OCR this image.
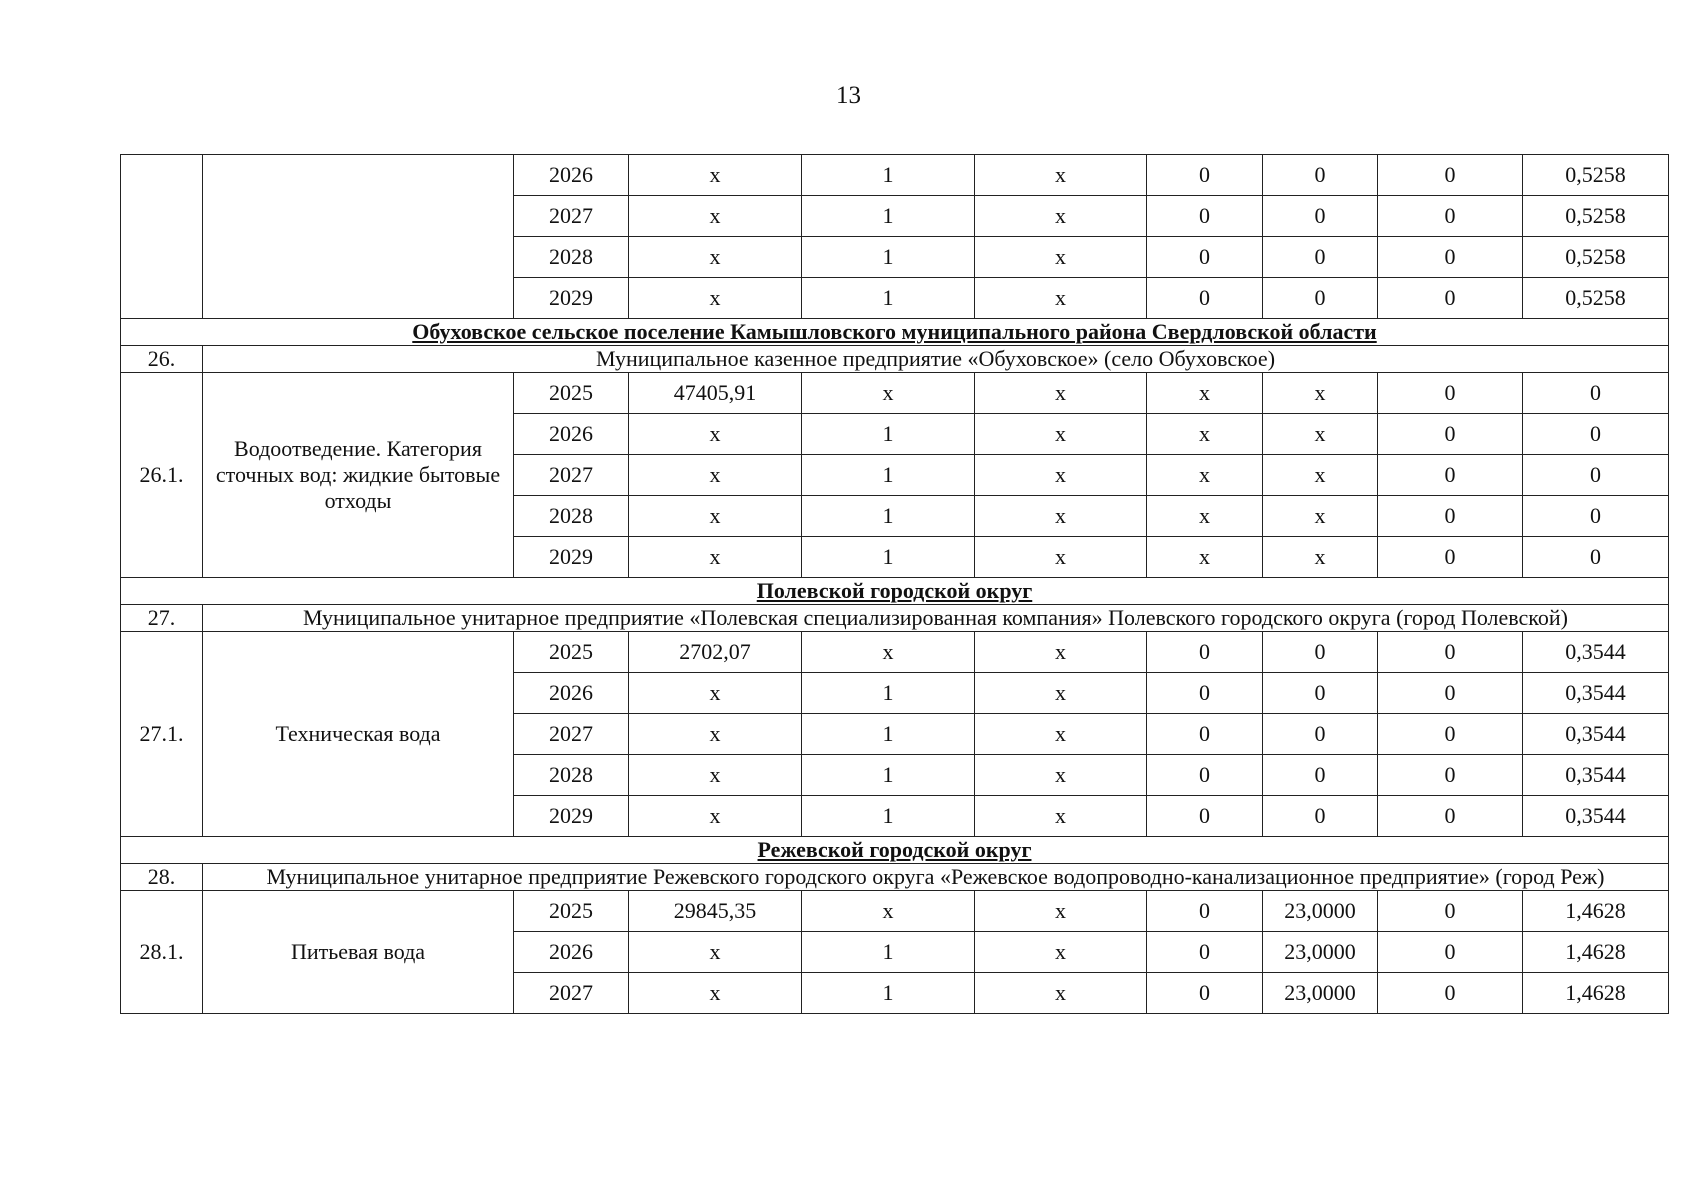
13
		2026	x	1	x	0	0	0	0,5258
		2027	x	1	x	0	0	0	0,5258
		2028	x	1	x	0	0	0	0,5258
		2029	x	1	x	0	0	0	0,5258
Обуховское сельское поселение Камышловского муниципального района Свердловской области									
26.	Муниципальное казенное предприятие «Обуховское» (село Обуховское)								
26.1.	Водоотведение. Категория сточных вод: жидкие бытовые отходы	2025	47405,91	x	x	x	x	0	0
		2026	x	1	x	x	x	0	0
		2027	x	1	x	x	x	0	0
		2028	x	1	x	x	x	0	0
		2029	x	1	x	x	x	0	0
Полевской городской округ									
27.	Муниципальное унитарное предприятие «Полевская специализированная компания» Полевского городского округа (город Полевской)								
27.1.	Техническая вода	2025	2702,07	x	x	0	0	0	0,3544
		2026	x	1	x	0	0	0	0,3544
		2027	x	1	x	0	0	0	0,3544
		2028	x	1	x	0	0	0	0,3544
		2029	x	1	x	0	0	0	0,3544
Режевской городской округ									
28.	Муниципальное унитарное предприятие Режевского городского округа «Режевское водопроводно-канализационное предприятие» (город Реж)								
28.1.	Питьевая вода	2025	29845,35	x	x	0	23,0000	0	1,4628
		2026	x	1	x	0	23,0000	0	1,4628
		2027	x	1	x	0	23,0000	0	1,4628
